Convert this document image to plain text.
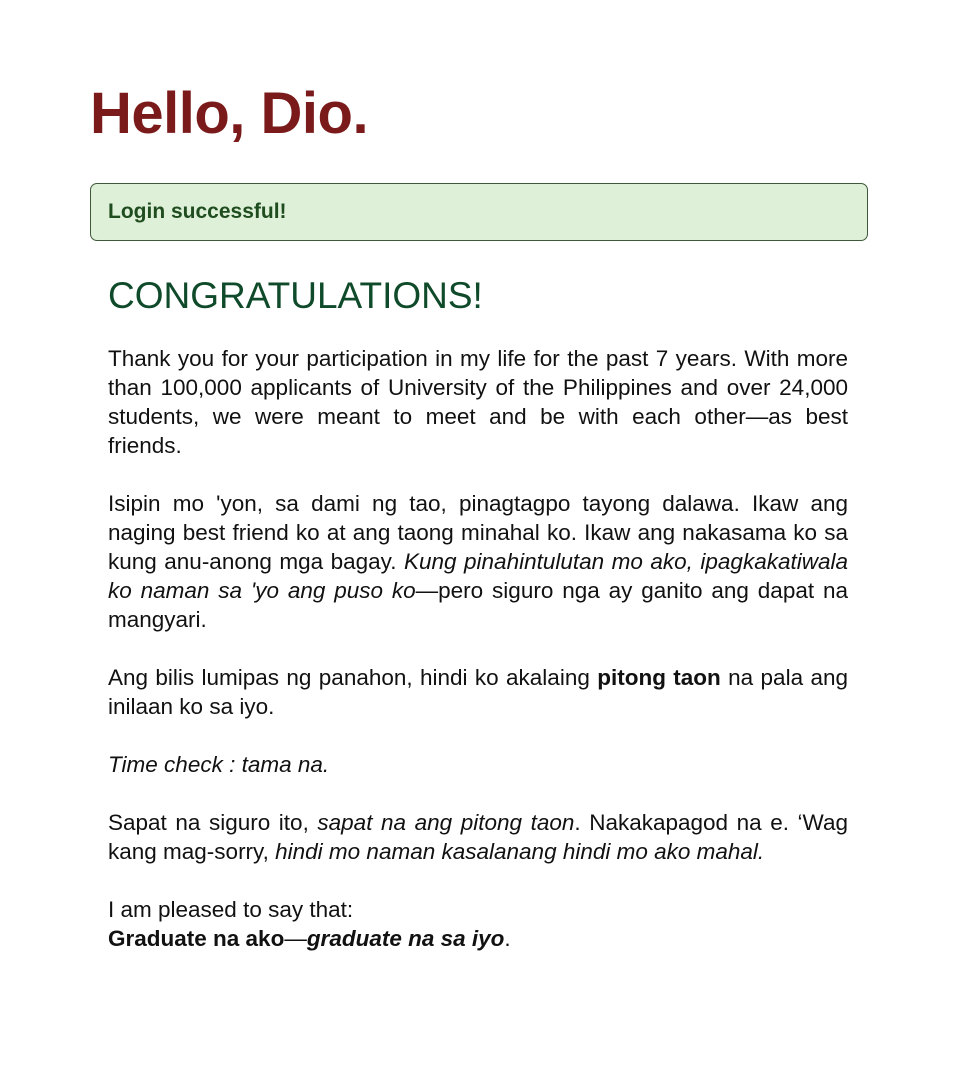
Hello, Dio.
Login successful!
CONGRATULATIONS!

Thank you for your participation in my life for the past 7 years. With more than 100,000 applicants of University of the Philippines and over 24,000 students, we were meant to meet and be with each other—as best friends.

Isipin mo 'yon, sa dami ng tao, pinagtagpo tayong dalawa. Ikaw ang naging best friend ko at ang taong minahal ko. Ikaw ang nakasama ko sa kung anu-anong mga bagay. Kung pinahintulutan mo ako, ipagkakatiwala ko naman sa 'yo ang puso ko—pero siguro nga ay ganito ang dapat na mangyari.

Ang bilis lumipas ng panahon, hindi ko akalaing pitong taon na pala ang inilaan ko sa iyo.

Time check : tama na.

Sapat na siguro ito, sapat na ang pitong taon. Nakakapagod na e. ‘Wag kang mag-sorry, hindi mo naman kasalanang hindi mo ako mahal.

I am pleased to say that:
Graduate na ako—graduate na sa iyo.
